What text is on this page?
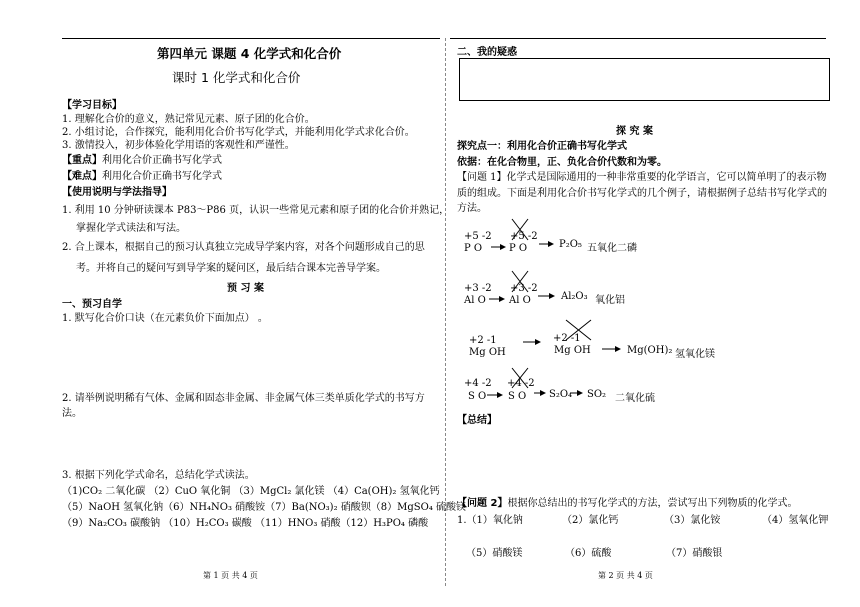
第四单元 课题 4 化学式和化合价
课时 1 化学式和化合价
【学习目标】
1. 理解化合价的意义，熟记常见元素、原子团的化合价。
2. 小组讨论，合作探究，能利用化合价书写化学式，并能利用化学式求化合价。
3. 激情投入，初步体验化学用语的客观性和严谨性。
【重点】利用化合价正确书写化学式
【难点】利用化合价正确书写化学式
【使用说明与学法指导】
1. 利用 10 分钟研读课本 P83～P86 页，认识一些常见元素和原子团的化合价并熟记，
掌握化学式读法和写法。
2. 合上课本，根据自己的预习认真独立完成导学案内容，对各个问题形成自己的思
考。并将自己的疑问写到导学案的疑问区，最后结合课本完善导学案。
预 习 案
一、预习自学
1. 默写化合价口诀（在元素负价下面加点） 。
2. 请举例说明稀有气体、金属和固态非金属、非金属气体三类单质化学式的书写方
法。
3. 根据下列化学式命名，总结化学式读法。
（1)CO₂ 二氧化碳 （2）CuO 氧化铜 （3）MgCl₂ 氯化镁 （4）Ca(OH)₂ 氢氧化钙
（5）NaOH 氢氧化钠（6）NH₄NO₃ 硝酸铵（7）Ba(NO₃)₂ 硝酸钡（8）MgSO₄ 硫酸镁
（9）Na₂CO₃ 碳酸钠 （10）H₂CO₃ 碳酸 （11）HNO₃ 硝酸（12）H₃PO₄ 磷酸
第 1 页 共 4 页
二、我的疑惑
探 究 案
探究点一：利用化合价正确书写化学式
依据：在化合物里，正、负化合价代数和为零。
【问题 1】化学式是国际通用的一种非常重要的化学语言，它可以简单明了的表示物
质的组成。下面是利用化合价书写化学式的几个例子，请根据例子总结书写化学式的
方法。
+5 -2
P O
+5 -2
P O	P₂O₅ 五氧化二磷
+3 -2
Al O
+3 -2
Al O	Al₂O₃ 氧化铝
+2 -1
Mg OH
+2 -1
Mg OH	Mg(OH)₂ 氢氧化镁
+4 -2
S O
+4 -2
S O S₂O₄ SO₂ 二氧化硫
【总结】
【问题 2】根据你总结出的书写化学式的方法，尝试写出下列物质的化学式。
1.（1）氧化钠	（2）氯化钙	（3）氯化铵	（4）氢氧化钾
（5）硝酸镁	（6）硫酸	（7）硝酸银
第 2 页 共 4 页
